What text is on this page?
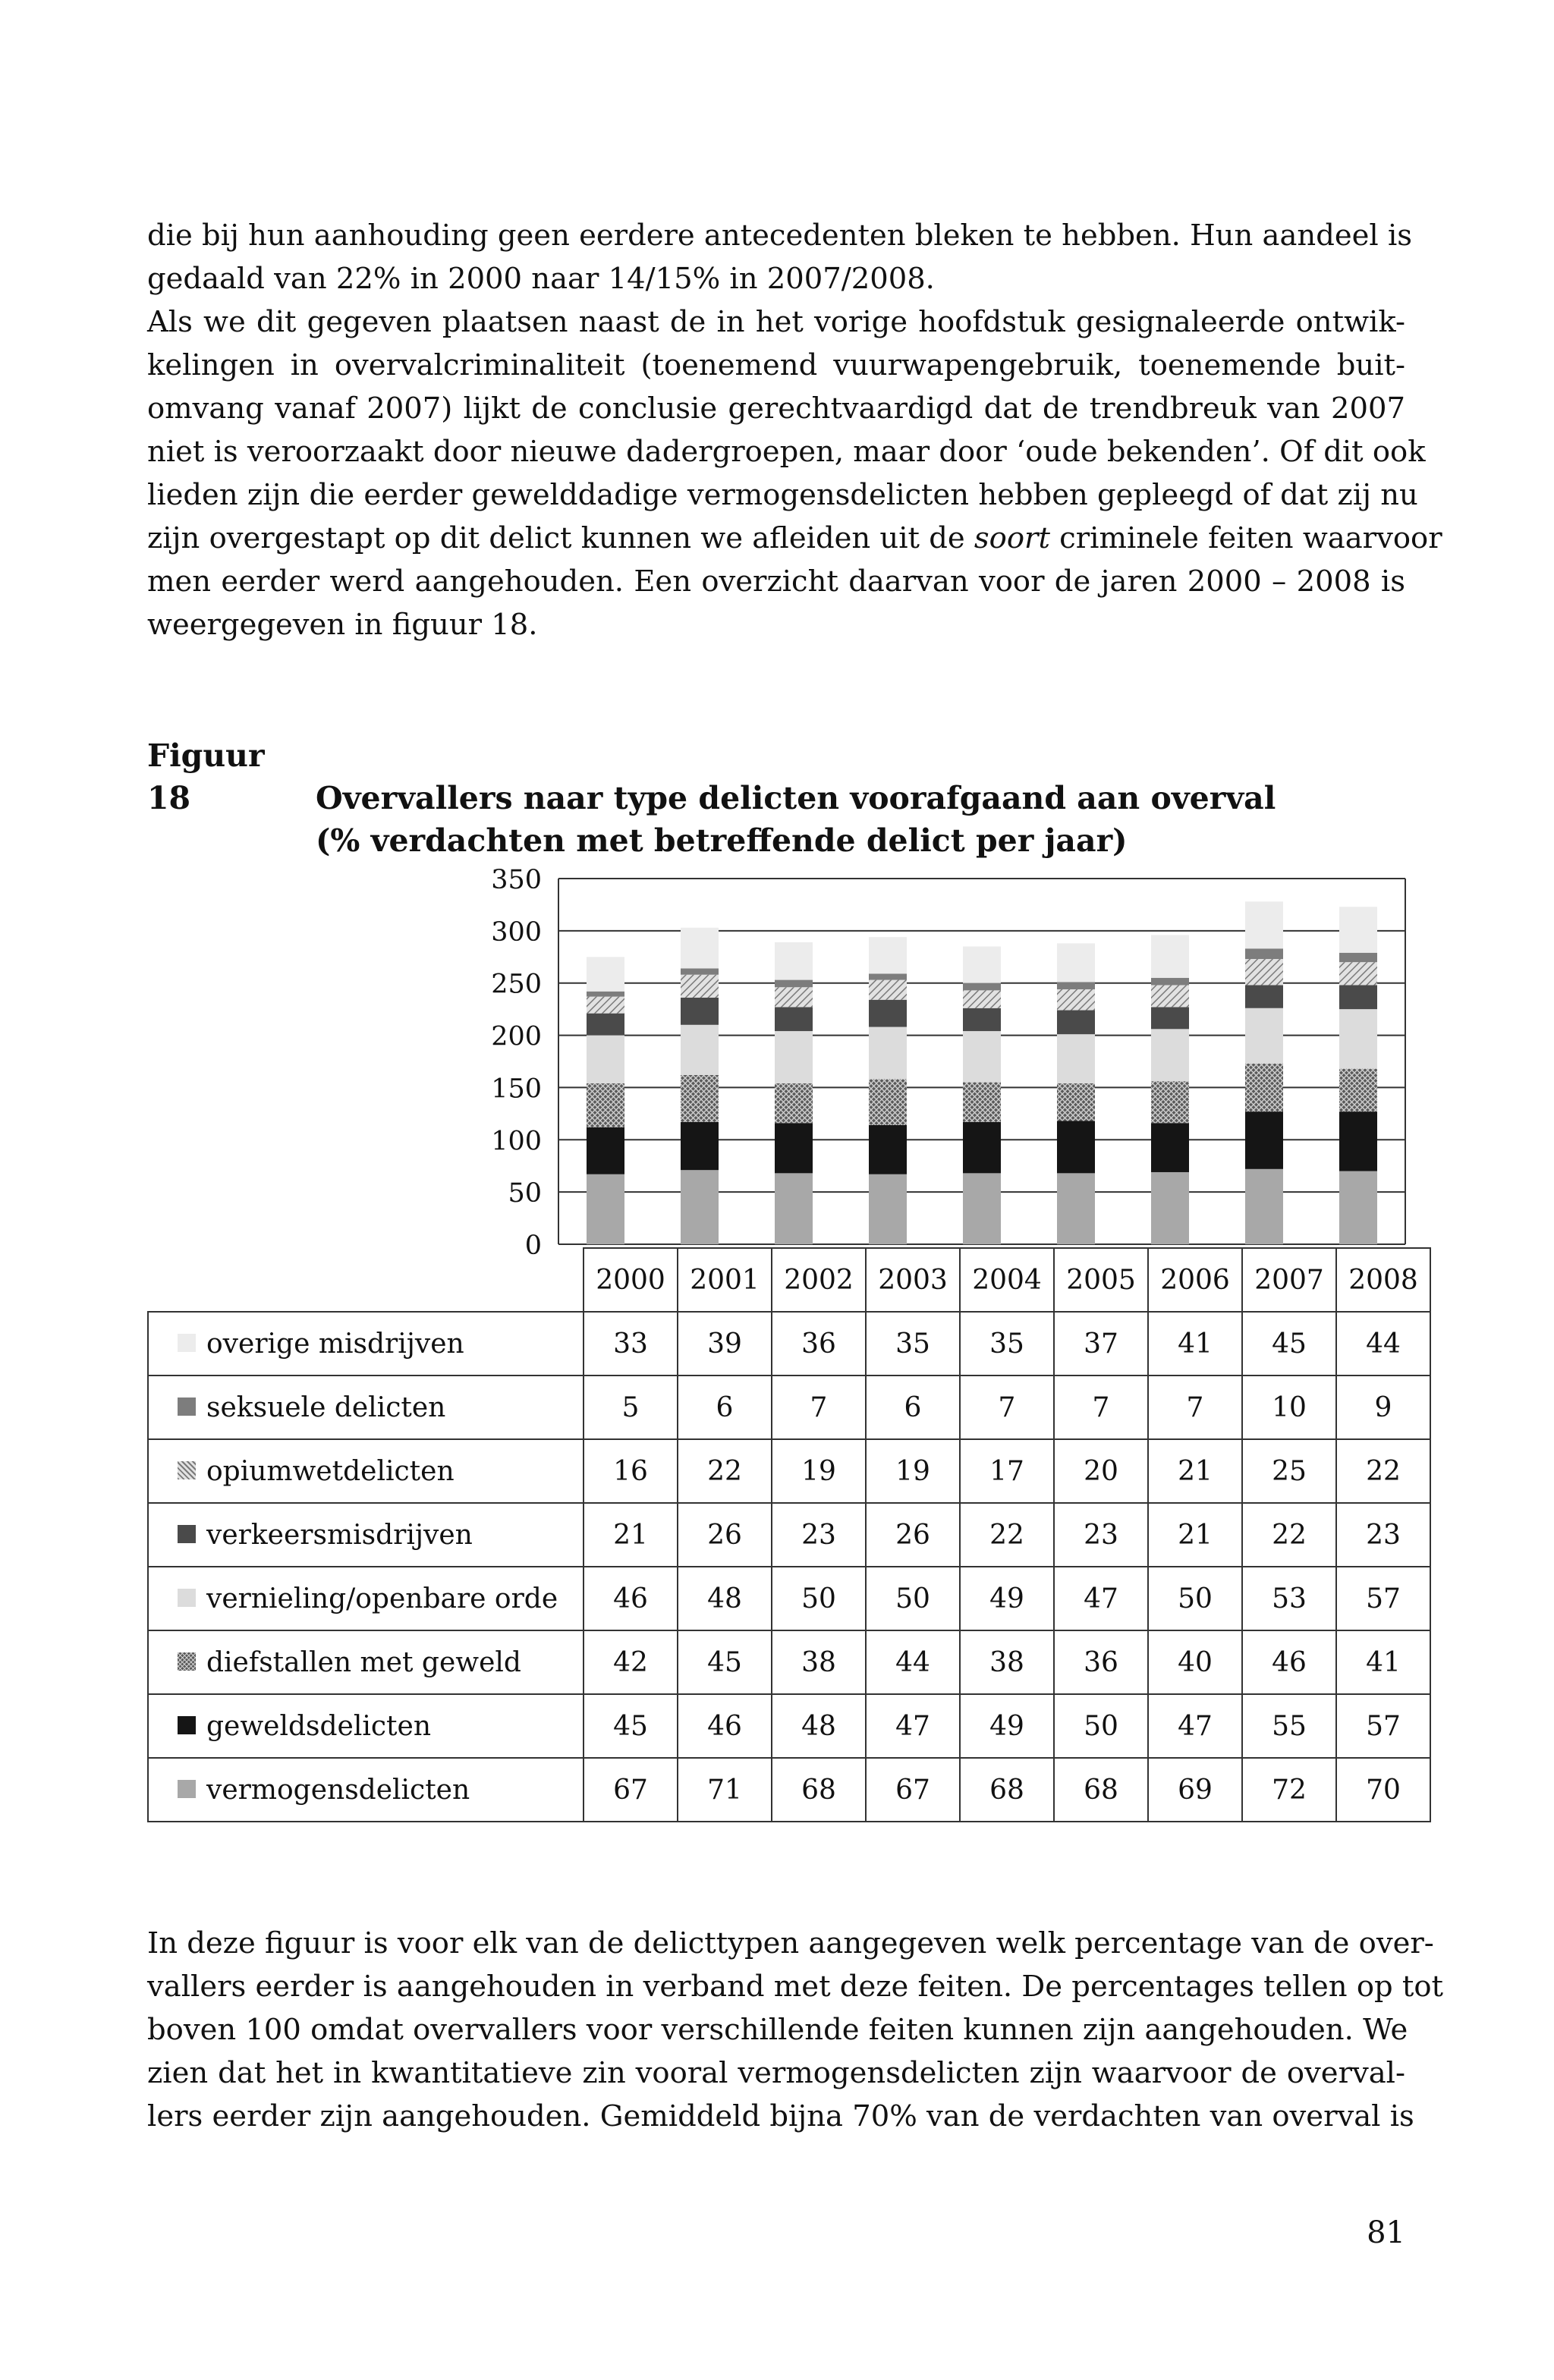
die bij hun aanhouding geen eerdere antecedenten bleken te hebben. Hun aandeel is
gedaald van 22% in 2000 naar 14/15% in 2007/2008.
Als we dit gegeven plaatsen naast de in het vorige hoofdstuk gesignaleerde ontwik-
kelingen in overvalcriminaliteit (toenemend vuurwapengebruik, toenemende buit-
omvang vanaf 2007) lijkt de conclusie gerechtvaardigd dat de trendbreuk van 2007
niet is veroorzaakt door nieuwe dadergroepen, maar door ‘oude bekenden’. Of dit ook
lieden zijn die eerder gewelddadige vermogensdelicten hebben gepleegd of dat zij nu
zijn overgestapt op dit delict kunnen we afleiden uit de soort criminele feiten waarvoor
men eerder werd aangehouden. Een overzicht daarvan voor de jaren 2000 – 2008 is
weergegeven in figuur 18.
Figuur 18	Overvallers naar type delicten voorafgaand aan overval
(% verdachten met betreffende delict per jaar)
0
50
100
150
200
250
300
350
	2000	2001	2002	2003	2004	2005	2006	2007	2008
overige misdrijven	33	39	36	35	35	37	41	45	44
seksuele delicten	5	6	7	6	7	7	7	10	9
opiumwetdelicten	16	22	19	19	17	20	21	25	22
verkeersmisdrijven	21	26	23	26	22	23	21	22	23
vernieling/openbare orde	46	48	50	50	49	47	50	53	57
diefstallen met geweld	42	45	38	44	38	36	40	46	41
geweldsdelicten	45	46	48	47	49	50	47	55	57
vermogensdelicten	67	71	68	67	68	68	69	72	70
In deze figuur is voor elk van de delicttypen aangegeven welk percentage van de over-
vallers eerder is aangehouden in verband met deze feiten. De percentages tellen op tot
boven 100 omdat overvallers voor verschillende feiten kunnen zijn aangehouden. We
zien dat het in kwantitatieve zin vooral vermogensdelicten zijn waarvoor de overval-
lers eerder zijn aangehouden. Gemiddeld bijna 70% van de verdachten van overval is
81
